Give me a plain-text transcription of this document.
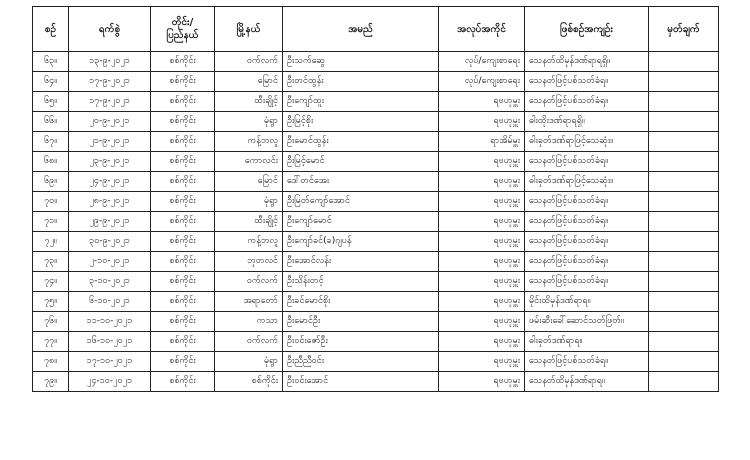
စဉ်	ရက်စွဲ	တိုင်း/ ပြည်နယ်	မြို့နယ်	အမည်	အလုပ်အကိုင်	ဖြစ်စဉ်အကျဉ်း	မှတ်ချက်
၆၃။	၁၃-၉-၂၀၂၁	စစ်ကိုင်း	ဝက်လက်	ဦးသက်ဆွေ	လုပ်/ကျေးစာရေး	သေနတ်ထိမှန်ဒဏ်ရာရရှိ။	
၆၄။	၁၇-၉-၂၀၂၁	စစ်ကိုင်း	မြောင်	ဦးတင်ထွန်း	လုပ်/ကျေးစာရေး	သေနတ်ဖြင့်ပစ်သတ်ခံရ။	
၆၅။	၁၇-၉-၂၀၂၁	စစ်ကိုင်း	ထီးချိုင့်	ဦးကျော်ထူး	ရဗဟုမှူး	သေနတ်ဖြင့်ပစ်သတ်ခံရ။	
၆၆။	၂၀-၉-၂၀၂၁	စစ်ကိုင်း	မုံရွာ	ဦးမြင့်စိုး	ရဗဟုမှူး	ဓါးထိုးဒဏ်ရာရရှိ။	
၆၇။	၂၁-၉-၂၀၂၁	စစ်ကိုင်း	ကန့်ဘလူ	ဦးမောင်ထွန်း	ရာအိမ်မှူး	ဓါးခုတ်ဒဏ်ရာဖြင့်သေဆုံး။	
၆၈။	၂၃-၉-၂၀၂၁	စစ်ကိုင်း	ကောလင်း	ဦးမြင့်မောင်	ရဗဟုမှူး	သေနတ်ဖြင့်ပစ်သတ်ခံရ။	
၆၉။	၂၄-၉-၂၀၂၁	စစ်ကိုင်း	မြောင်	ဒေါ်တင်အေး	ရဗဟုမှူး	ဓါးခုတ်ဒဏ်ရာဖြင့်သေဆုံး။	
၇၀။	၂၈-၉-၂၀၂၁	စစ်ကိုင်း	မုံရွာ	ဦးမြတ်ကျော်အောင်	ရဗဟုမှူး	သေနတ်ဖြင့်ပစ်သတ်ခံရ။	
၇၁။	၂၉-၉-၂၀၂၁	စစ်ကိုင်း	ထီးချိုင့်	ဦးကျော်မောင်	ရဗဟုမှူး	သေနတ်ဖြင့်ပစ်သတ်ခံရ။	
၇၂။	၃၀-၉-၂၀၂၁	စစ်ကိုင်း	ကန့်ဘလူ	ဦးကျော်ခင်(ခ)ဂျပန်	ရဗဟုမှူး	သေနတ်ဖြင့်ပစ်သတ်ခံရ။	
၇၃။	၂-၁၀-၂၀၂၁	စစ်ကိုင်း	ဘုတလင်	ဦးအောင်လန်း	ရဗဟုမှူး	သေနတ်ဖြင့်ပစ်သတ်ခံရ။	
၇၄။	၃-၁၀-၂၀၂၁	စစ်ကိုင်း	ဝက်လက်	ဦးသိန်းတင့်	ရဗဟုမှူး	သေနတ်ဖြင့်ပစ်သတ်ခံရ။	
၇၅။	၆-၁၀-၂၀၂၁	စစ်ကိုင်း	အရာတော်	ဦးခင်မောင်စိုး	ရဗဟုမှူး	မိုင်းထိမှန်ဒဏ်ရာရ။	
၇၆။	၁၁-၁၀-၂၀၂၁	စစ်ကိုင်း	ကသာ	ဦးမောင်ဦး	ရဗဟုမှူး	ဖမ်းဆီးခေါ်ဆောင်သတ်ဖြတ်။	
၇၇။	၁၆-၁၀-၂၀၂၁	စစ်ကိုင်း	ဝက်လက်	ဦးဝင်းဇော်ဦး	ရဗဟုမှူး	ဓါးခုတ်ဒဏ်ရာရ။	
၇၈။	၁၇-၁၀-၂၀၂၁	စစ်ကိုင်း	မုံရွာ	ဦးညီညီဝင်း	ရဗဟုမှူး	သေနတ်ဖြင့်ပစ်သတ်ခံရ။	
၇၉။	၂၄-၁၀-၂၀၂၁	စစ်ကိုင်း	စစ်ကိုင်း	ဦးဝင်းအောင်	ရဗဟုမှူး	သေနတ်ထိမှန်ဒဏ်ရာရ။	
